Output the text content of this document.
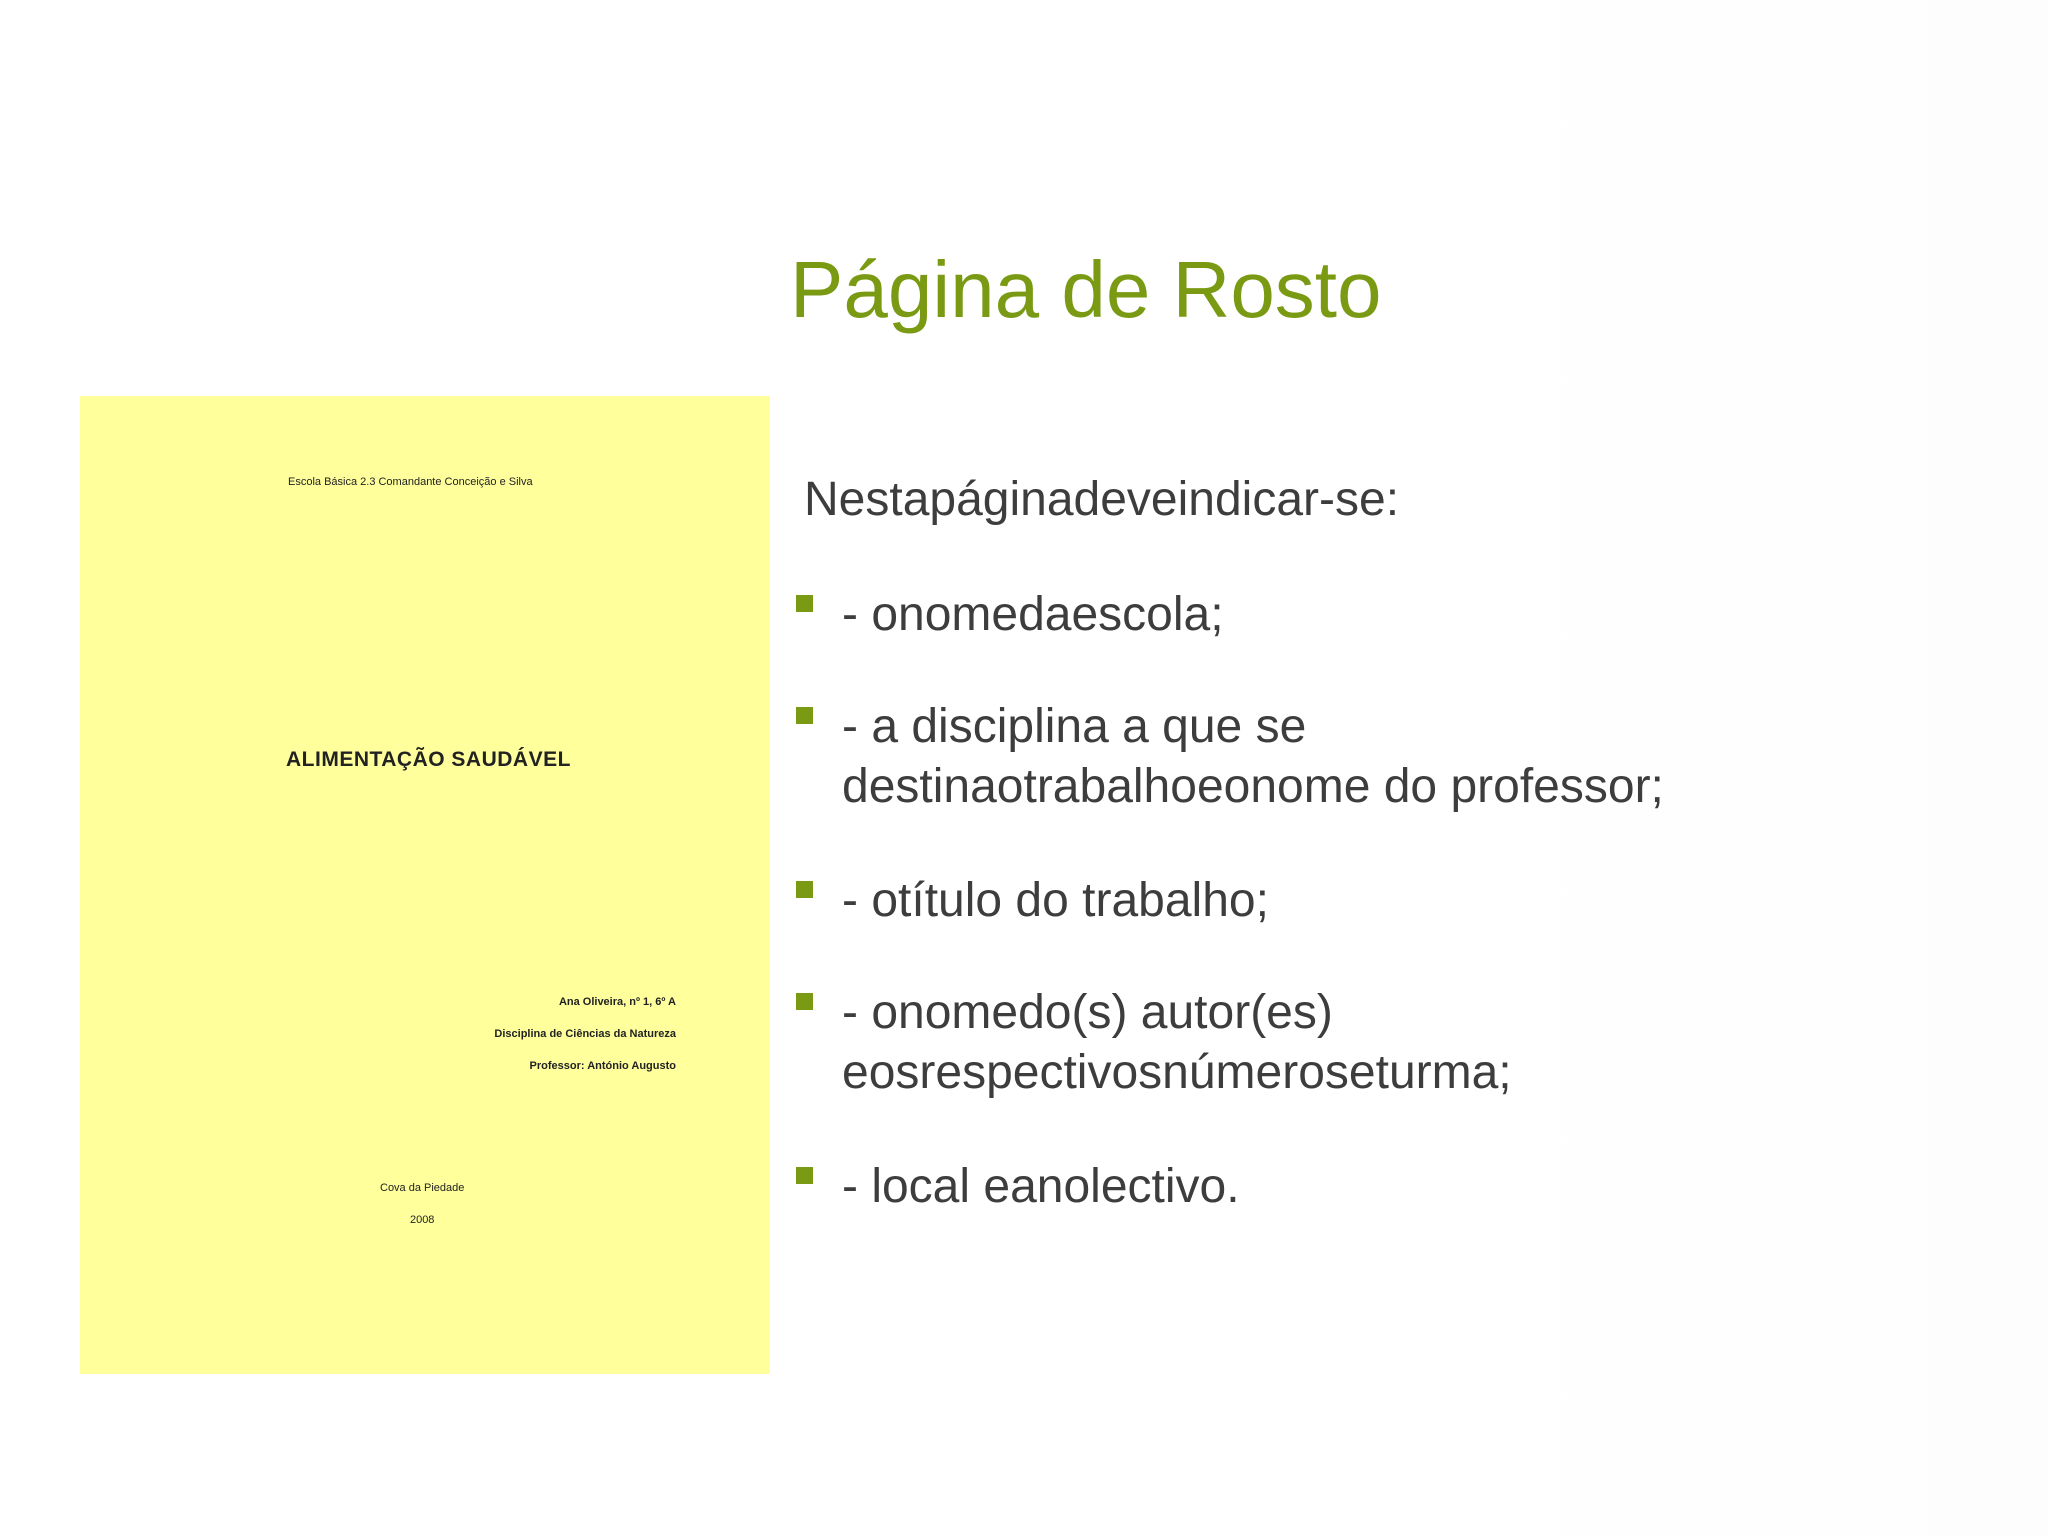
Página de Rosto
Escola Básica 2.3 Comandante Conceição e Silva
ALIMENTAÇÃO SAUDÁVEL
Ana Oliveira, nº 1, 6º A
Disciplina de Ciências da Natureza
Professor: António Augusto
Cova da Piedade
2008
Nestapáginadeveindicar-se:
- onomedaescola;
- a disciplina a que se
destinaotrabalhoeonome do professor;
- otítulo do trabalho;
- onomedo(s) autor(es)
eosrespectivosnúmeroseturma;
- local eanolectivo.
